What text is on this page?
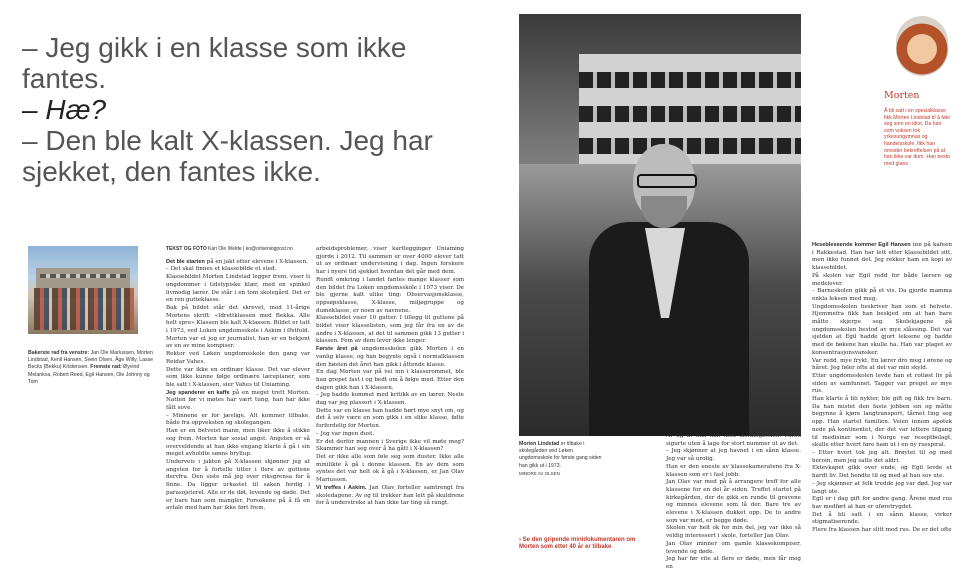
– Jeg gikk i en klasse som ikke fantes.
– Hæ?
– Den ble kalt X-klassen. Jeg har
sjekket, den fantes ikke.
Bakerste rad fra venstre: Jan Ole Mariussen, Morten Lindstad, Kenll Hansen, Svein Olsen, Åge Willy, Lasse Becks (Bekku) Kristensen. Fremste rad: Øyvind Melankva, Robert Reed, Egil Hansen, Ole Johnny og Tom

TEKST OG FOTO Kari Ole Welde | ko@orlseniogpost.no

Det ble starten på en jakt etter elevene i X-klassen.

– Det skal finnes et klassebilde et sted.

Klassebildet Morten Lindstad legger frem, viser ti ungdommer i tidstypiske klær, med en spinkel livmodig lærer. De står i en tom skolegård. Det er en ren gutteklasse.

Bak på bildet står det skrevet, med 11-årige Mortens skrift: «Idrettklassen med Bekka. Alle helt spre» Klassen ble kalt X-klassen. Bildet er tatt i 1973, ved Loken ungdomsskole i Askim i Østfold.

Morten var et jeg er journalist, han er en bekjent av en av mine kompiser.

Rektor ved Løken ungdomsskole den gang var Reidar Vahes.

Dette var ikke en ordinær klasse. Det var elever som ikke kunne følge ordinære læreplaner, som ble satt i X-klassen, sier Vahes til Uniaming.

Jeg spanderer en kaffe på en meget trett Morten. Natten før vi møtes har vært tung, han har ikke fått sove.

– Minnene er for jævlige. Alt kommer tilbake, både fra oppveksten og skolegangen.

Han er en betveist mann, men liker ikke å stikke seg frem. Morten har sosial angst. Angsten er så overveldende at han ikke engang klarte å gå i sin meget avholdte sønns bryllup.

Underveis i jakten på X-klassen skjønner jeg at angsten for å fortelle titter i flere av guttene dervfra. Den siste må jeg over riksgrensa for å finne. Da ligger urkastet til saken ferdig i parasojeterel. Alle er de døt, levende og døde. Det er bare han som mangler. Forsokene på å få en avtale med ham har ikke ført frem.

arbeidsproblemer, viser kartlegginger Uniaming gjorde i 2012. Til sammen er over 4000 elever tatt ut av ordinær undervisning i dag. Ingen forskere har i nyere tid sjekket hvordan det går med dem.

Rundt omkring i landet fantes mange klasser som den bildet fra Loken ungdomsskole i 1973 viser. De ble gjerne kalt ulike ting: Observasjonsklasse, oppsøpsklasse, X-klasse, miljøgruppe og dumeklasse, er noen av navnene.

Klassebildet viser 10 gutter. I tillegg til guttene på bildet viser klasselisten, som jeg får fra en av de andre i X-klassen, at det til sammen gikk 13 gutter i klassen. Fem av dem lever ikke lenger.

Første året på ungdomsskolen gikk Morten i en vanlig klasse, og han begynte også i normalklassen den høsten det året han gikk i åttende klasse.

En dag Morten var på vei inn i klasserommet, ble han grepet fast i og bedt om å følge med. Etter den dagen gikk han i X-klassen.

– Jeg hadde kommet med kritikk av en lærer. Neste dag var jeg plassert i X-klassen.

Dette var en klasse han hadde hørt mye snyt om, og det å selv være en som gikk i en slike klasse, følte forferdelig for Morten.

– Jeg var ingen dust.

Er det derfor mannen i Sverige ikke vil møte meg? Skammer han seg over å ha gått i X-klassen?

Det er ikke alle som føle seg som duster. Ikke alle minilikte å gå i denne klassen. En av dem som syntes det var helt ok å gå i X-klassen, er Jan Olav Mariussen.

Vi treffes i Askim. Jan Olav forteller samtrengt fra skoledagene. Av og til trekker han lett på skuldrene for å understreke at han ikke tar ting så rangt.

Morten Lindstad er tilbake i skolegården ved Løken ungdomsskole for første gang siden han gikk ut i 1973.
MINDRE AV OLSEN
› Se den gripende minidokumentaren om Morten som etter 40 år er tilbake

Av og til fikk han med meldingboken. Faren sigurte uten å lage for stort nummer ut av det.

– Jeg skjønner at jeg havnet i en sånn klasse. Jeg var så urolig.

Han er den eneste av klassekameratene fra X-klassen som er i fast jobb.

Jan Olav var med på å arrangere treff for alle klassene for en del år siden. Treffet startet på kirkegården, der de gikk en runde til gravene og minnes elevene som lå der. Bare tre av elevene i X-klassen dukket opp. De to andre som var med, er begge døde.

Skolen var helt ok for min del, jeg var ikke så veldig interessert i skole, forteller Jan Olav.

Jan Olav minner om gamle klassekompiser, levende og døde.

Jeg har før vite at flere er døde, men får meg en

Hesebleseende kommer Egil Hansen inn på kafeen i Rakkestad. Han har lett etter klassebildet sitt, men ikke funnet det. Jeg rekker ham en kopi av klassebildet.

På skolen var Egil redd for både lærere og medelever.

– Barneskolen gikk på et vis. Da gjorde mamma enkla leksen med meg.

Ungdomsskolen beskriver han som et helvete. Hjemmefra fikk han beskjed om at han bare måtte skjerpe seg. Skolekjagene på ungdomsskolen bestod av mye slåssing. Det var sjelden at Egil hadde gjort leksene og hadde med de bøkene han skulle ha. Han var plaget av konsentrasjonsvansker.

Var redd, mye frykt. En lærer dro meg i ørene og håret. Jeg føler ofte at det var min skyld.

Etter ungdomsskolen levde han et rotløst liv på siden av samfunnet. Tagger var preget av mye rus.

Han klarte å bli nykter, ble gift og fikk tre barn. Da han mistet den faste jobben sin og måtte begynne å kjøre langtransport, tårnet ting seg opp. Han startet familien. Veien innom apotek nede på kontinentet, der det var lettere tilgang til medisiner som i Norge var reseptbelagt, skulle etter hvert føre ham ut i en ny russpiral.

– Etter hvert tok jeg alt. Brøytet til og med heroin, men jeg satte det aldri.

Ektevkapet gikk over ende, og Egil levde et hardt liv. Det hendte til og med at han sov ute.

– Jeg skjønner at folk tredde jeg var død. Jeg var langt ute.

Egil er i dag gift for andre gang. Årene med rus har medført at han er uføretrygdet.

Det å bli satt i en sånn klasse, virker stigmatiserende.

Flere fra klassen har slitt med rus. De er det ofte

Morten
Å bli satt i en spesialklasse fikk Morten Lindstad til å føle seg som en idiot. Da han som voksen tok yrkesungymnas og handelsskole, fikk han omsider bekreftelsen på at han ikke var dum. Han besto med glans.
